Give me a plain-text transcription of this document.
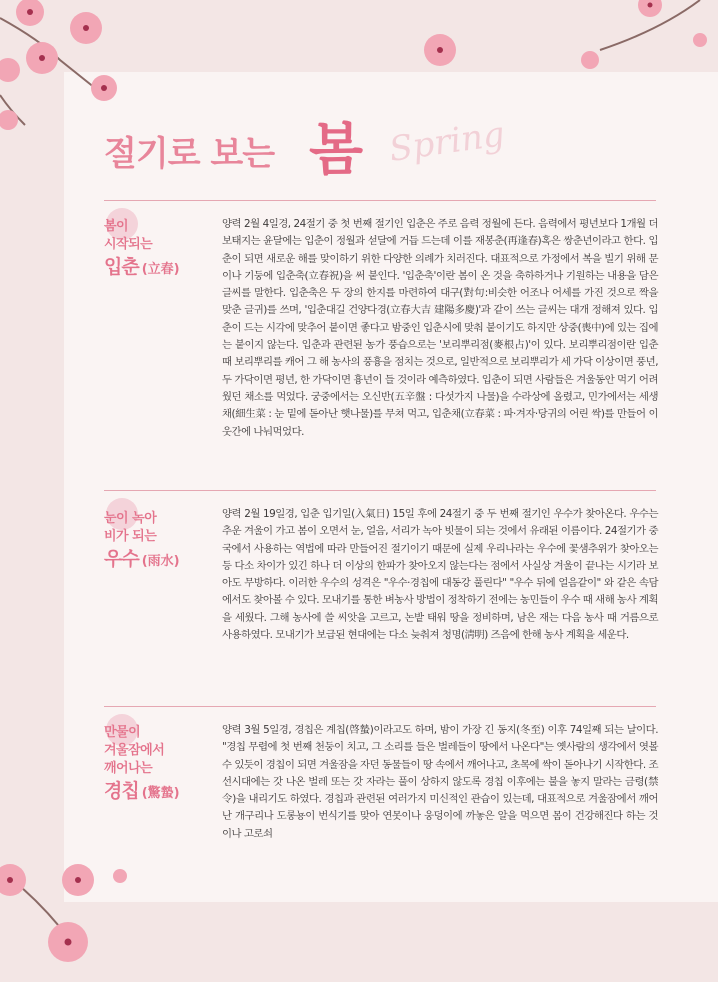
Spring
절기로 보는 봄
봄이
시작되는
입춘 (立春)
양력 2월 4일경, 24절기 중 첫 번째 절기인 입춘은 주로 음력 정월에 든다. 음력에서 평년보다 1개월 더 보태지는 윤달에는 입춘이 정월과 섣달에 거듭 드는데 이를 재봉춘(再逢春)혹은 쌍춘년이라고 한다. 입춘이 되면 새로운 해를 맞이하기 위한 다양한 의례가 치러진다. 대표적으로 가정에서 복을 빌기 위해 문이나 기둥에 입춘축(立春祝)을 써 붙인다. '입춘축'이란 봄이 온 것을 축하하거나 기원하는 내용을 담은 글씨를 말한다. 입춘축은 두 장의 한지를 마련하여 대구(對句:비슷한 어조나 어세를 가진 것으로 짝을 맞춘 글귀)를 쓰며, '입춘대길 건양다경(立春大吉 建陽多慶)'과 같이 쓰는 글씨는 대개 정해져 있다. 입춘이 드는 시각에 맞추어 붙이면 좋다고 밤중인 입춘시에 맞춰 붙이기도 하지만 상중(喪中)에 있는 집에는 붙이지 않는다. 입춘과 관련된 농가 풍습으로는 '보리뿌리점(麥根占)'이 있다. 보리뿌리점이란 입춘 때 보리뿌리를 캐어 그 해 농사의 풍흉을 점치는 것으로, 일반적으로 보리뿌리가 세 가닥 이상이면 풍년, 두 가닥이면 평년, 한 가닥이면 흉년이 들 것이라 예측하였다. 입춘이 되면 사람들은 겨울동안 먹기 어려웠던 채소를 먹었다. 궁중에서는 오신반(五辛盤 : 다섯가지 나물)을 수라상에 올렸고, 민가에서는 세생채(細生菜 : 눈 밑에 돋아난 햇나물)를 무쳐 먹고, 입춘채(立春菜 : 파·겨자·당귀의 어린 싹)를 만들어 이웃간에 나눠먹었다.
눈이 녹아
비가 되는
우수 (雨水)
양력 2월 19일경, 입춘 입기일(入氣日) 15일 후에 24절기 중 두 번째 절기인 우수가 찾아온다. 우수는 추운 겨울이 가고 봄이 오면서 눈, 얼음, 서리가 녹아 빗물이 되는 것에서 유래된 이름이다. 24절기가 중국에서 사용하는 역법에 따라 만들어진 절기이기 때문에 실제 우리나라는 우수에 꽃샘추위가 찾아오는 등 다소 차이가 있긴 하나 더 이상의 한파가 찾아오지 않는다는 점에서 사실상 겨울이 끝나는 시기라 보아도 무방하다. 이러한 우수의 성격은 "우수·경칩에 대동강 풀린다" "우수 뒤에 얼음같이" 와 같은 속담에서도 찾아볼 수 있다. 모내기를 통한 벼농사 방법이 정착하기 전에는 농민들이 우수 때 새해 농사 계획을 세웠다. 그해 농사에 쓸 씨앗을 고르고, 논밭 태워 땅을 정비하며, 남은 재는 다음 농사 때 거름으로 사용하였다. 모내기가 보급된 현대에는 다소 늦춰져 청명(淸明) 즈음에 한해 농사 계획을 세운다.
만물이
겨울잠에서
깨어나는
경칩 (驚蟄)
양력 3월 5일경, 경칩은 계칩(啓蟄)이라고도 하며, 밤이 가장 긴 동지(冬至) 이후 74일째 되는 날이다. "경칩 무렵에 첫 번째 천둥이 치고, 그 소리를 들은 벌레들이 땅에서 나온다"는 옛사람의 생각에서 엿볼 수 있듯이 경칩이 되면 겨울잠을 자던 동물들이 땅 속에서 깨어나고, 초목에 싹이 돋아나기 시작한다. 조선시대에는 갓 나온 벌레 또는 갓 자라는 풀이 상하지 않도록 경칩 이후에는 불을 놓지 말라는 금령(禁令)을 내리기도 하였다. 경칩과 관련된 여러가지 미신적인 관습이 있는데, 대표적으로 겨울잠에서 깨어난 개구리나 도롱뇽이 번식기를 맞아 연못이나 웅덩이에 까놓은 알을 먹으면 몸이 건강해진다 하는 것이나 고로쇠
